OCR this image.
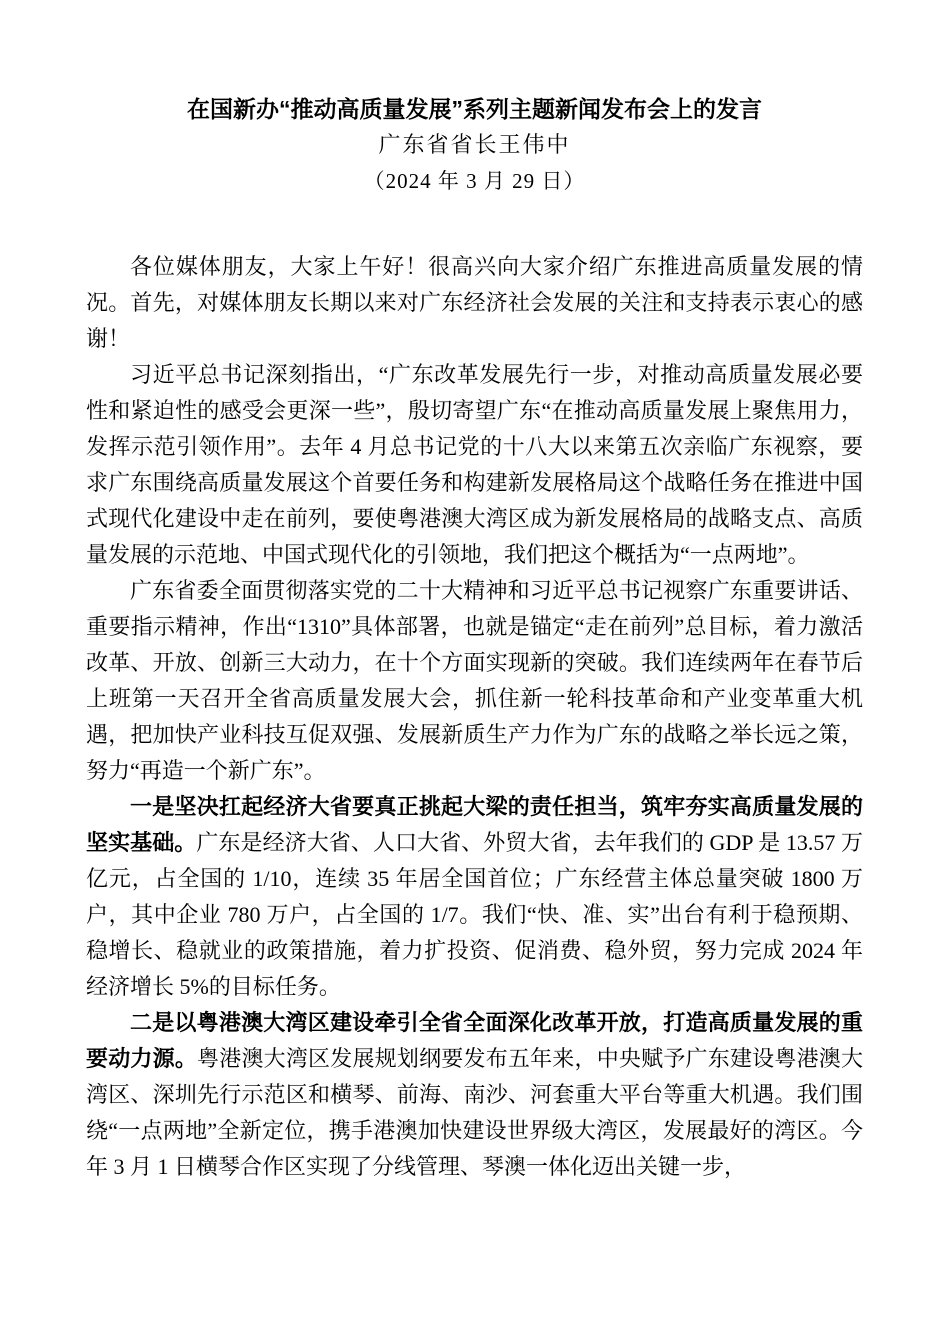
在国新办“推动高质量发展”系列主题新闻发布会上的发言
广东省省长王伟中
（2024 年 3 月 29 日）

各位媒体朋友，大家上午好！很高兴向大家介绍广东推进高质量发展的情况。首先，对媒体朋友长期以来对广东经济社会发展的关注和支持表示衷心的感谢！

习近平总书记深刻指出，“广东改革发展先行一步，对推动高质量发展必要性和紧迫性的感受会更深一些”，殷切寄望广东“在推动高质量发展上聚焦用力，发挥示范引领作用”。去年 4 月总书记党的十八大以来第五次亲临广东视察，要求广东围绕高质量发展这个首要任务和构建新发展格局这个战略任务在推进中国式现代化建设中走在前列，要使粤港澳大湾区成为新发展格局的战略支点、高质量发展的示范地、中国式现代化的引领地，我们把这个概括为“一点两地”。

广东省委全面贯彻落实党的二十大精神和习近平总书记视察广东重要讲话、重要指示精神，作出“1310”具体部署，也就是锚定“走在前列”总目标，着力激活改革、开放、创新三大动力，在十个方面实现新的突破。我们连续两年在春节后上班第一天召开全省高质量发展大会，抓住新一轮科技革命和产业变革重大机遇，把加快产业科技互促双强、发展新质生产力作为广东的战略之举长远之策，努力“再造一个新广东”。

一是坚决扛起经济大省要真正挑起大梁的责任担当，筑牢夯实高质量发展的坚实基础。广东是经济大省、人口大省、外贸大省，去年我们的 GDP 是 13.57 万亿元，占全国的 1/10，连续 35 年居全国首位；广东经营主体总量突破 1800 万户，其中企业 780 万户，占全国的 1/7。我们“快、准、实”出台有利于稳预期、稳增长、稳就业的政策措施，着力扩投资、促消费、稳外贸，努力完成 2024 年经济增长 5%的目标任务。

二是以粤港澳大湾区建设牵引全省全面深化改革开放，打造高质量发展的重要动力源。粤港澳大湾区发展规划纲要发布五年来，中央赋予广东建设粤港澳大湾区、深圳先行示范区和横琴、前海、南沙、河套重大平台等重大机遇。我们围绕“一点两地”全新定位，携手港澳加快建设世界级大湾区，发展最好的湾区。今年 3 月 1 日横琴合作区实现了分线管理、琴澳一体化迈出关键一步，
